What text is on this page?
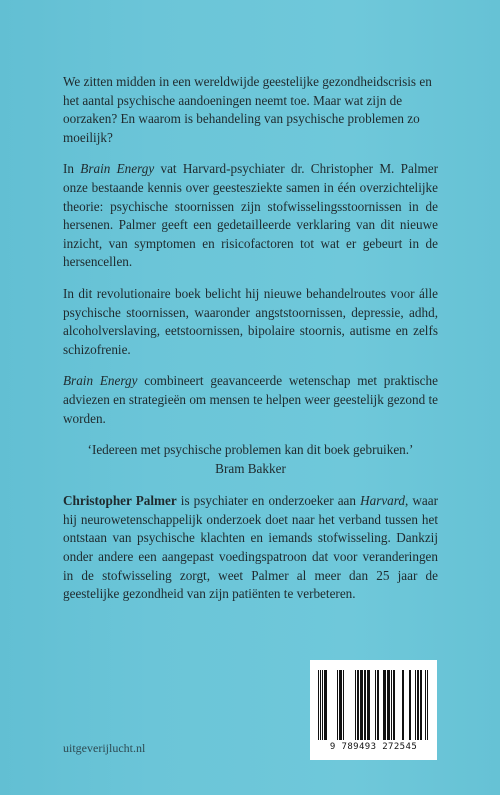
We zitten midden in een wereldwijde geestelijke gezondheidscrisis en het aantal psychische aandoeningen neemt toe. Maar wat zijn de oorzaken? En waarom is behandeling van psychische problemen zo moeilijk?

In Brain Energy vat Harvard-psychiater dr. Christopher M. Palmer onze bestaande kennis over geestesziekte samen in één overzichtelijke theorie: psychische stoornissen zijn stofwisselingsstoornissen in de hersenen. Palmer geeft een gedetailleerde verklaring van dit nieuwe inzicht, van symptomen en risicofactoren tot wat er gebeurt in de hersencellen.

In dit revolutionaire boek belicht hij nieuwe behandelroutes voor álle psychische stoornissen, waaronder angststoornissen, depressie, adhd, alcoholverslaving, eetstoornissen, bipolaire stoornis, autisme en zelfs schizofrenie.

Brain Energy combineert geavanceerde wetenschap met praktische adviezen en strategieën om mensen te helpen weer geestelijk gezond te worden.

‘Iedereen met psychische problemen kan dit boek gebruiken.’
Bram Bakker

Christopher Palmer is psychiater en onderzoeker aan Harvard, waar hij neurowetenschappelijk onderzoek doet naar het verband tussen het ontstaan van psychische klachten en iemands stofwisseling. Dankzij onder andere een aangepast voedingspatroon dat voor veranderingen in de stofwisseling zorgt, weet Palmer al meer dan 25 jaar de geestelijke gezondheid van zijn patiënten te verbeteren.

uitgeverijlucht.nl	9 789493 272545
